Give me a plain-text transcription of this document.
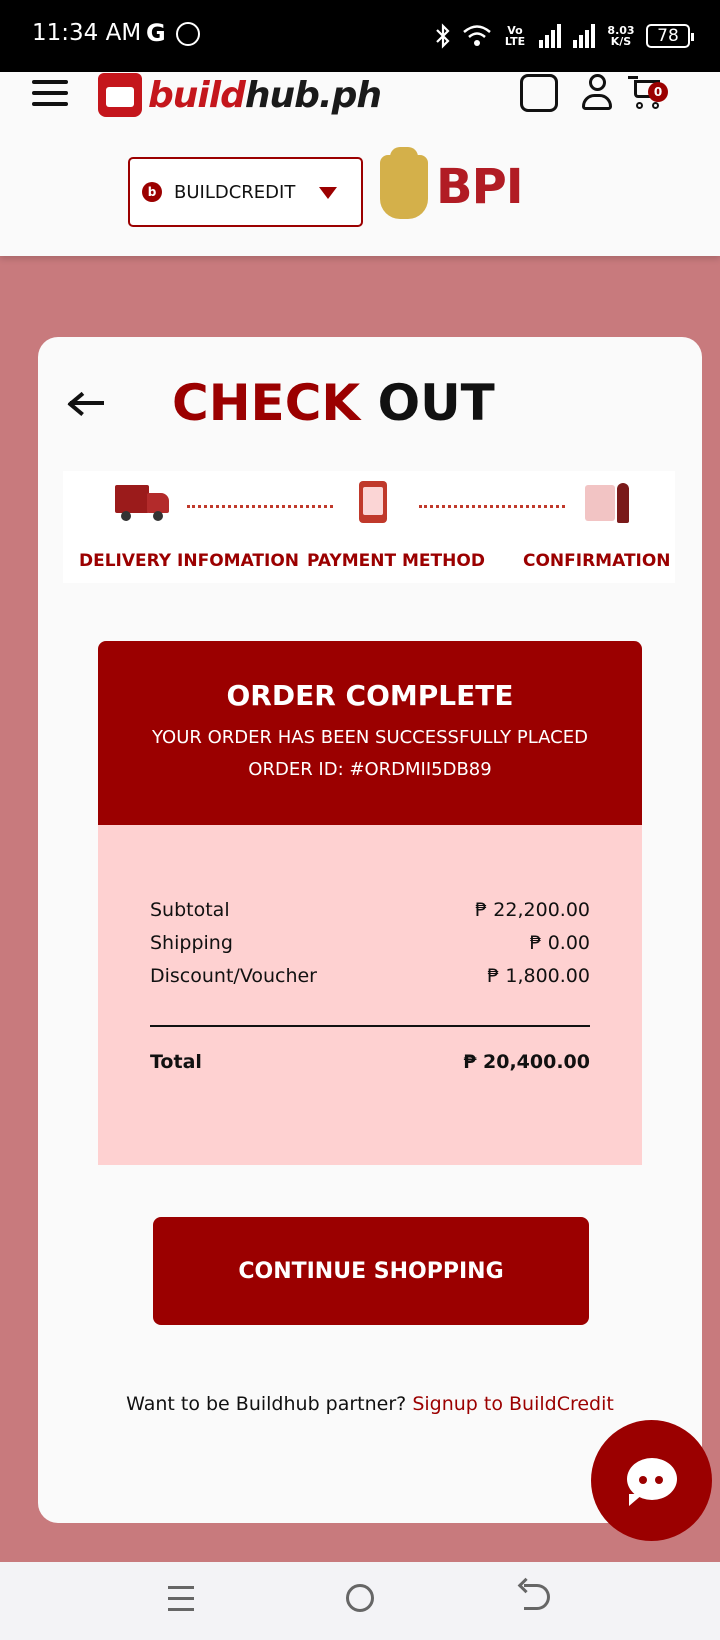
11:34 AM G	Vo LTE
8.03 K/S	78
buildhub.ph	0
b BUILDCREDIT	BPI
CHECK OUT
DELIVERY INFOMATION PAYMENT METHOD CONFIRMATION
ORDER COMPLETE
YOUR ORDER HAS BEEN SUCCESSFULLY PLACED
ORDER ID: #ORDMII5DB89
Subtotal	₱ 22,200.00
Shipping	₱ 0.00
Discount/Voucher	₱ 1,800.00
Total	₱ 20,400.00
CONTINUE SHOPPING
Want to be Buildhub partner? Signup to BuildCredit
